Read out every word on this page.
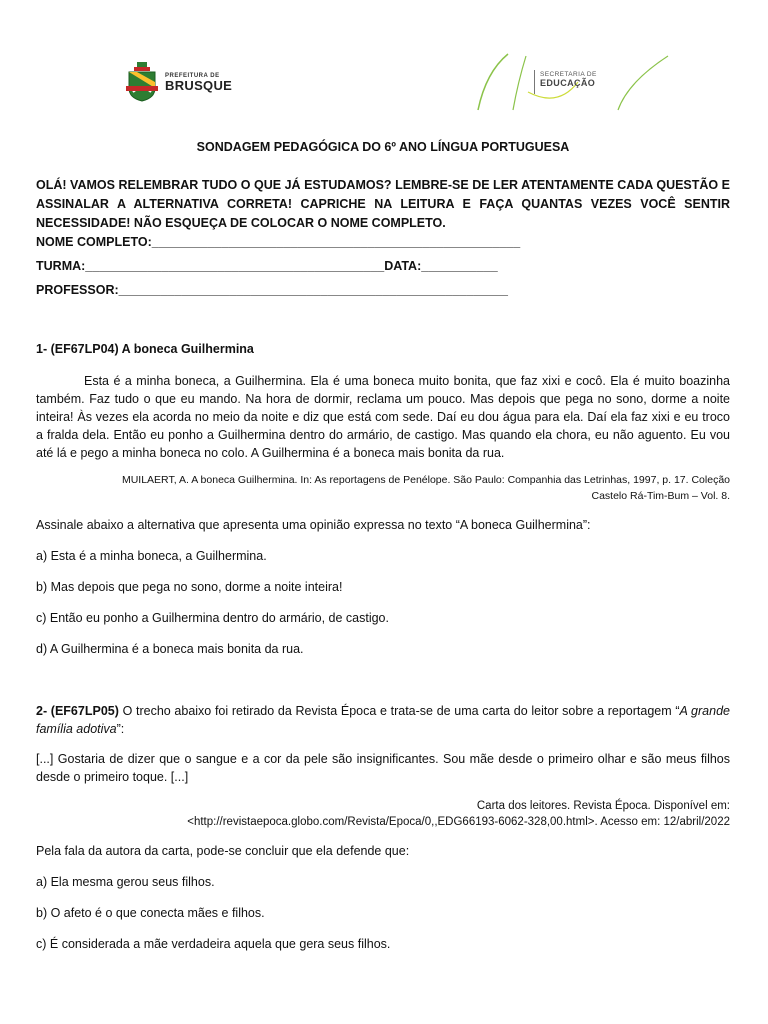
PREFEITURA DE
BRUSQUE
SECRETARIA DE
EDUCAÇÃO

SONDAGEM PEDAGÓGICA DO 6º ANO LÍNGUA PORTUGUESA

OLÁ! VAMOS RELEMBRAR TUDO O QUE JÁ ESTUDAMOS? LEMBRE-SE DE LER ATENTAMENTE CADA QUESTÃO E ASSINALAR A ALTERNATIVA CORRETA! CAPRICHE NA LEITURA E FAÇA QUANTAS VEZES VOCÊ SENTIR NECESSIDADE! NÃO ESQUEÇA DE COLOCAR O NOME COMPLETO.

NOME COMPLETO:_____________________________________________________
TURMA:___________________________________________DATA:___________
PROFESSOR:________________________________________________________
1- (EF67LP04) A boneca Guilhermina
Esta é a minha boneca, a Guilhermina. Ela é uma boneca muito bonita, que faz xixi e cocô. Ela é muito boazinha também. Faz tudo o que eu mando. Na hora de dormir, reclama um pouco. Mas depois que pega no sono, dorme a noite inteira! Às vezes ela acorda no meio da noite e diz que está com sede. Daí eu dou água para ela. Daí ela faz xixi e eu troco a fralda dela. Então eu ponho a Guilhermina dentro do armário, de castigo. Mas quando ela chora, eu não aguento. Eu vou até lá e pego a minha boneca no colo. A Guilhermina é a boneca mais bonita da rua.
MUILAERT, A. A boneca Guilhermina. In: As reportagens de Penélope. São Paulo: Companhia das Letrinhas, 1997, p. 17. Coleção
Castelo Rá-Tim-Bum – Vol. 8.
Assinale abaixo a alternativa que apresenta uma opinião expressa no texto “A boneca Guilhermina”:
a) Esta é a minha boneca, a Guilhermina.
b) Mas depois que pega no sono, dorme a noite inteira!
c) Então eu ponho a Guilhermina dentro do armário, de castigo.
d) A Guilhermina é a boneca mais bonita da rua.
2- (EF67LP05) O trecho abaixo foi retirado da Revista Época e trata-se de uma carta do leitor sobre a reportagem “A grande família adotiva”:
[...] Gostaria de dizer que o sangue e a cor da pele são insignificantes. Sou mãe desde o primeiro olhar e são meus filhos desde o primeiro toque. [...]
Carta dos leitores. Revista Época. Disponível em:
<http://revistaepoca.globo.com/Revista/Epoca/0,,EDG66193-6062-328,00.html>. Acesso em: 12/abril/2022
Pela fala da autora da carta, pode-se concluir que ela defende que:
a) Ela mesma gerou seus filhos.
b) O afeto é o que conecta mães e filhos.
c) É considerada a mãe verdadeira aquela que gera seus filhos.
